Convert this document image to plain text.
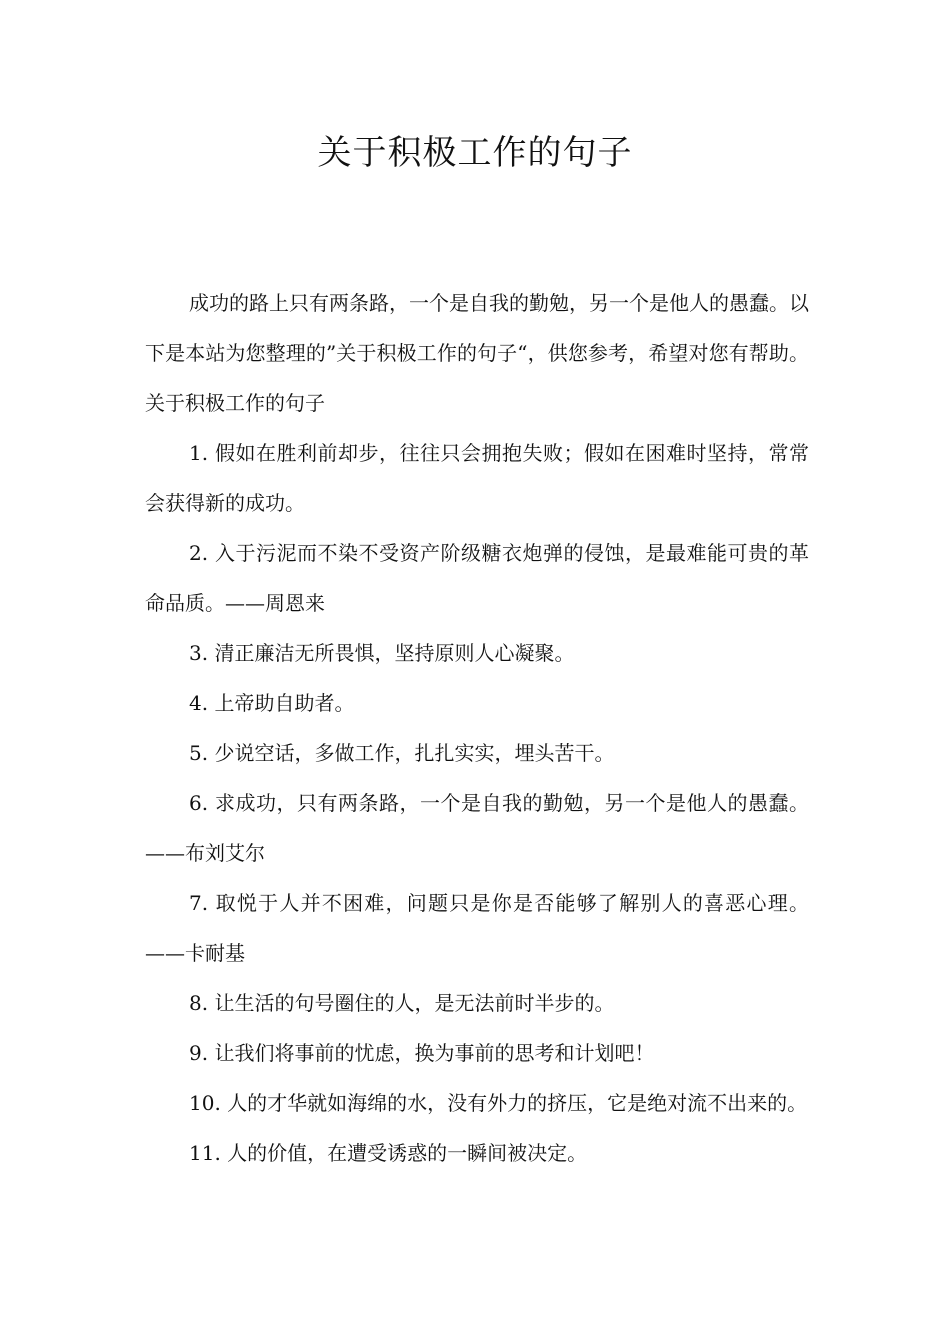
关于积极工作的句子

成功的路上只有两条路，一个是自我的勤勉，另一个是他人的愚蠢。以下是本站为您整理的”关于积极工作的句子“，供您参考，希望对您有帮助。关于积极工作的句子

1. 假如在胜利前却步，往往只会拥抱失败；假如在困难时坚持，常常会获得新的成功。

2. 入于污泥而不染不受资产阶级糖衣炮弹的侵蚀，是最难能可贵的革命品质。——周恩来

3. 清正廉洁无所畏惧，坚持原则人心凝聚。

4. 上帝助自助者。

5. 少说空话，多做工作，扎扎实实，埋头苦干。

6. 求成功，只有两条路，一个是自我的勤勉，另一个是他人的愚蠢。——布刘艾尔

7. 取悦于人并不困难，问题只是你是否能够了解别人的喜恶心理。——卡耐基

8. 让生活的句号圈住的人，是无法前时半步的。

9. 让我们将事前的忧虑，换为事前的思考和计划吧！

10. 人的才华就如海绵的水，没有外力的挤压，它是绝对流不出来的。

11. 人的价值，在遭受诱惑的一瞬间被决定。
